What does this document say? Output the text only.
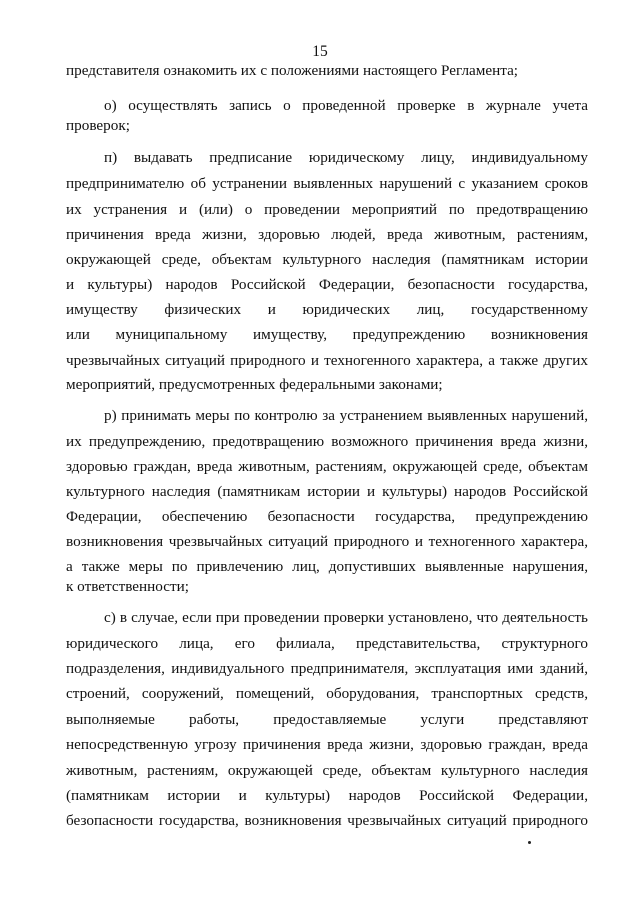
15
представителя ознакомить их с положениями настоящего Регламента;
о) осуществлять запись о проведенной проверке в журнале учета
проверок;
п) выдавать предписание юридическому лицу, индивидуальному
предпринимателю об устранении выявленных нарушений с указанием сроков
их устранения и (или) о проведении мероприятий по предотвращению
причинения вреда жизни, здоровью людей, вреда животным, растениям,
окружающей среде, объектам культурного наследия (памятникам истории
и культуры) народов Российской Федерации, безопасности государства,
имуществу физических и юридических лиц, государственному
или муниципальному имуществу, предупреждению возникновения
чрезвычайных ситуаций природного и техногенного характера, а также других
мероприятий, предусмотренных федеральными законами;
р) принимать меры по контролю за устранением выявленных нарушений,
их предупреждению, предотвращению возможного причинения вреда жизни,
здоровью граждан, вреда животным, растениям, окружающей среде, объектам
культурного наследия (памятникам истории и культуры) народов Российской
Федерации, обеспечению безопасности государства, предупреждению
возникновения чрезвычайных ситуаций природного и техногенного характера,
а также меры по привлечению лиц, допустивших выявленные нарушения,
к ответственности;
с) в случае, если при проведении проверки установлено, что деятельность
юридического лица, его филиала, представительства, структурного
подразделения, индивидуального предпринимателя, эксплуатация ими зданий,
строений, сооружений, помещений, оборудования, транспортных средств,
выполняемые работы, предоставляемые услуги представляют
непосредственную угрозу причинения вреда жизни, здоровью граждан, вреда
животным, растениям, окружающей среде, объектам культурного наследия
(памятникам истории и культуры) народов Российской Федерации,
безопасности государства, возникновения чрезвычайных ситуаций природного
